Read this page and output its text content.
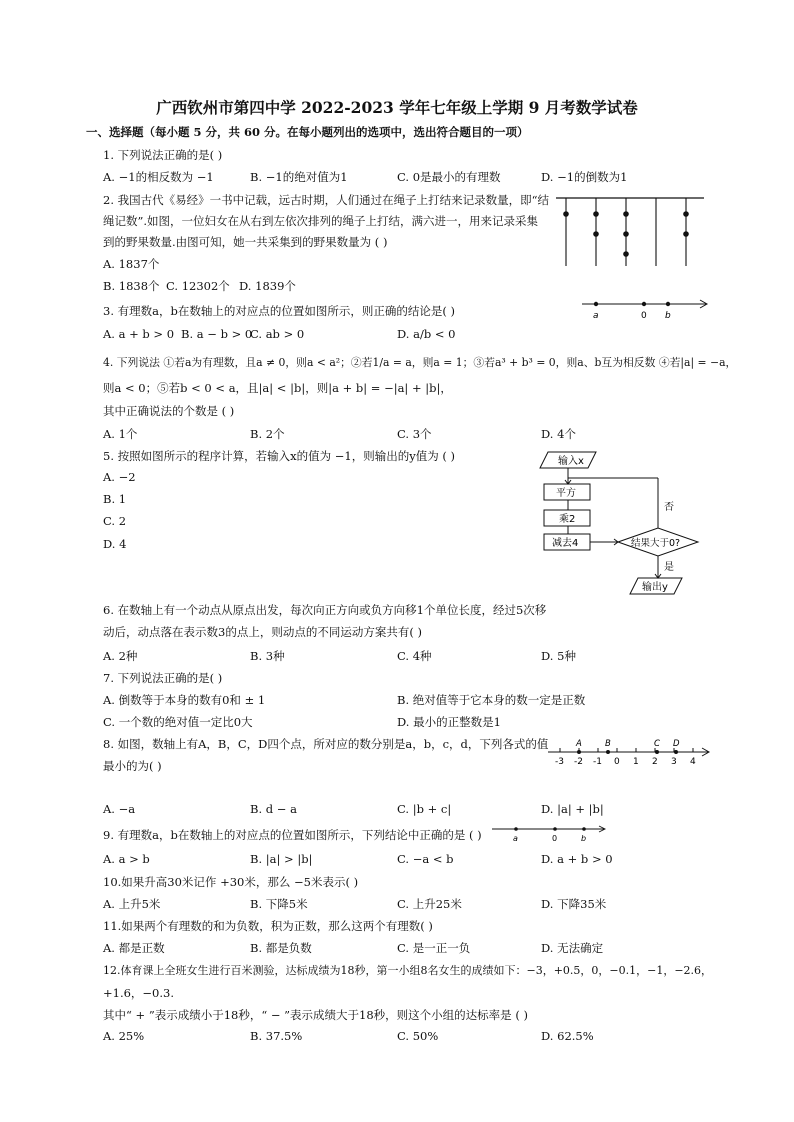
广西钦州市第四中学 2022-2023 学年七年级上学期 9 月考数学试卷
一、选择题（每小题 5 分，共 60 分。在每小题列出的选项中，选出符合题目的一项）
1. 下列说法正确的是( )
A. −1的相反数为 −1	B. −1的绝对值为1	C. 0是最小的有理数	D. −1的倒数为1
2. 我国古代《易经》一书中记载，远古时期，人们通过在绳子上打结来记录数量，即“结
绳记数”.如图，一位妇女在从右到左依次排列的绳子上打结，满六进一，用来记录采集
到的野果数量.由图可知，她一共采集到的野果数量为 ( )
A. 1837个
B. 1838个 C. 12302个 D. 1839个
3. 有理数a，b在数轴上的对应点的位置如图所示，则正确的结论是( )
A. a + b > 0 B. a − b > 0
C. ab > 0	D. a/b < 0
a	0 b
4. 下列说法 ①若a为有理数，且a ≠ 0，则a < a²；②若1/a = a，则a = 1；③若a³ + b³ = 0，则a、b互为相反数 ④若|a| = −a，
则a < 0；⑤若b < 0 < a，且|a| < |b|，则|a + b| = −|a| + |b|，
其中正确说法的个数是 ( )
A. 1个	B. 2个	C. 3个	D. 4个
5. 按照如图所示的程序计算，若输入x的值为 −1，则输出的y值为 ( )
A. −2
B. 1
C. 2
D. 4
输入x
平方
乘2
减去4	结果大于0?
否
是
输出y
6. 在数轴上有一个动点从原点出发，每次向正方向或负方向移1个单位长度，经过5次移
动后，动点落在表示数3的点上，则动点的不同运动方案共有( )
A. 2种	B. 3种	C. 4种	D. 5种
7. 下列说法正确的是( )
A. 倒数等于本身的数有0和 ± 1	B. 绝对值等于它本身的数一定是正数
C. 一个数的绝对值一定比0大	D. 最小的正整数是1
8. 如图，数轴上有A，B，C，D四个点，所对应的数分别是a，b，c，d，下列各式的值
最小的为( )
A. −a	B. d − a	C. |b + c|	D. |a| + |b|
A	B	C D
-3 -2 -1 0 1 2 3 4
9. 有理数a，b在数轴上的对应点的位置如图所示，下列结论中正确的是 ( )
A. a > b	B. |a| > |b|	C. −a < b	D. a + b > 0
a	0	b
10.如果升高30米记作 +30米，那么 −5米表示( )
A. 上升5米	B. 下降5米	C. 上升25米	D. 下降35米
11.如果两个有理数的和为负数，积为正数，那么这两个有理数( )
A. 都是正数	B. 都是负数	C. 是一正一负	D. 无法确定
12.体育课上全班女生进行百米测验，达标成绩为18秒，第一小组8名女生的成绩如下：−3，+0.5，0，−0.1，−1，−2.6，
+1.6，−0.3.
其中“ + ”表示成绩小于18秒，“ − ”表示成绩大于18秒，则这个小组的达标率是 ( )
A. 25%	B. 37.5%	C. 50%	D. 62.5%
